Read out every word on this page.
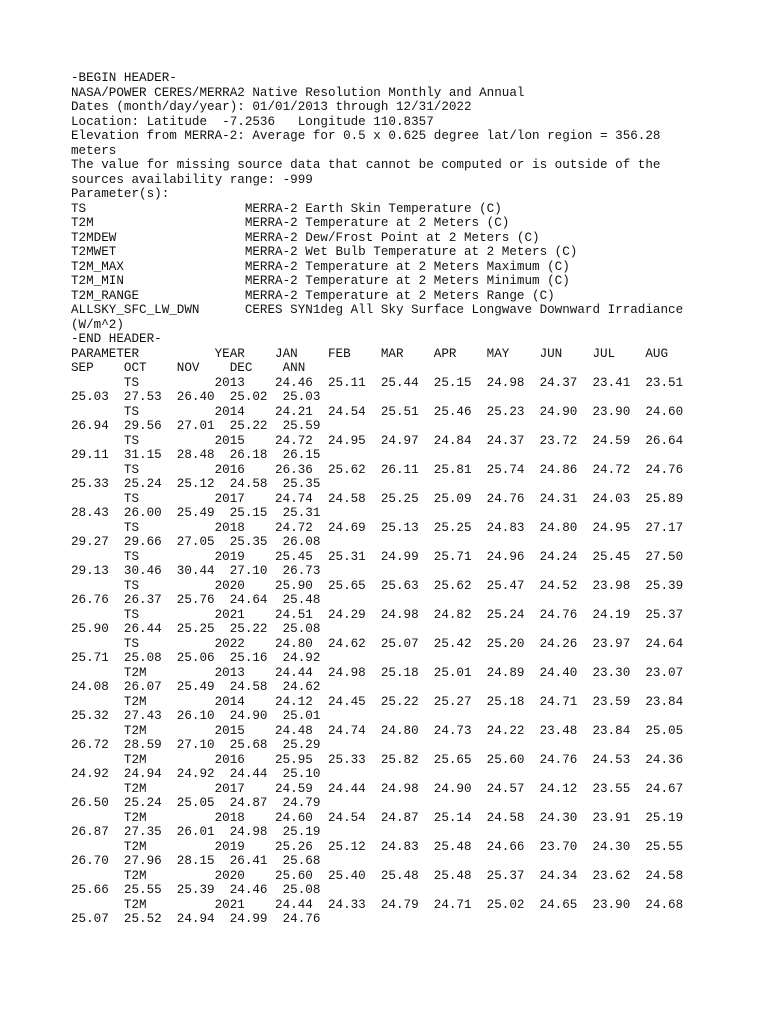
-BEGIN HEADER-
NASA/POWER CERES/MERRA2 Native Resolution Monthly and Annual
Dates (month/day/year): 01/01/2013 through 12/31/2022
Location: Latitude  -7.2536   Longitude 110.8357
Elevation from MERRA-2: Average for 0.5 x 0.625 degree lat/lon region = 356.28
meters
The value for missing source data that cannot be computed or is outside of the
sources availability range: -999
Parameter(s):
TS                     MERRA-2 Earth Skin Temperature (C)
T2M                    MERRA-2 Temperature at 2 Meters (C)
T2MDEW                 MERRA-2 Dew/Frost Point at 2 Meters (C)
T2MWET                 MERRA-2 Wet Bulb Temperature at 2 Meters (C)
T2M_MAX                MERRA-2 Temperature at 2 Meters Maximum (C)
T2M_MIN                MERRA-2 Temperature at 2 Meters Minimum (C)
T2M_RANGE              MERRA-2 Temperature at 2 Meters Range (C)
ALLSKY_SFC_LW_DWN      CERES SYN1deg All Sky Surface Longwave Downward Irradiance
(W/m^2)
-END HEADER-
PARAMETER          YEAR    JAN    FEB    MAR    APR    MAY    JUN    JUL    AUG
SEP    OCT    NOV    DEC    ANN
TS          2013    24.46  25.11  25.44  25.15  24.98  24.37  23.41  23.51
25.03  27.53  26.40  25.02  25.03
TS          2014    24.21  24.54  25.51  25.46  25.23  24.90  23.90  24.60
26.94  29.56  27.01  25.22  25.59
TS          2015    24.72  24.95  24.97  24.84  24.37  23.72  24.59  26.64
29.11  31.15  28.48  26.18  26.15
TS          2016    26.36  25.62  26.11  25.81  25.74  24.86  24.72  24.76
25.33  25.24  25.12  24.58  25.35
TS          2017    24.74  24.58  25.25  25.09  24.76  24.31  24.03  25.89
28.43  26.00  25.49  25.15  25.31
TS          2018    24.72  24.69  25.13  25.25  24.83  24.80  24.95  27.17
29.27  29.66  27.05  25.35  26.08
TS          2019    25.45  25.31  24.99  25.71  24.96  24.24  25.45  27.50
29.13  30.46  30.44  27.10  26.73
TS          2020    25.90  25.65  25.63  25.62  25.47  24.52  23.98  25.39
26.76  26.37  25.76  24.64  25.48
TS          2021    24.51  24.29  24.98  24.82  25.24  24.76  24.19  25.37
25.90  26.44  25.25  25.22  25.08
TS          2022    24.80  24.62  25.07  25.42  25.20  24.26  23.97  24.64
25.71  25.08  25.06  25.16  24.92
T2M         2013    24.44  24.98  25.18  25.01  24.89  24.40  23.30  23.07
24.08  26.07  25.49  24.58  24.62
T2M         2014    24.12  24.45  25.22  25.27  25.18  24.71  23.59  23.84
25.32  27.43  26.10  24.90  25.01
T2M         2015    24.48  24.74  24.80  24.73  24.22  23.48  23.84  25.05
26.72  28.59  27.10  25.68  25.29
T2M         2016    25.95  25.33  25.82  25.65  25.60  24.76  24.53  24.36
24.92  24.94  24.92  24.44  25.10
T2M         2017    24.59  24.44  24.98  24.90  24.57  24.12  23.55  24.67
26.50  25.24  25.05  24.87  24.79
T2M         2018    24.60  24.54  24.87  25.14  24.58  24.30  23.91  25.19
26.87  27.35  26.01  24.98  25.19
T2M         2019    25.26  25.12  24.83  25.48  24.66  23.70  24.30  25.55
26.70  27.96  28.15  26.41  25.68
T2M         2020    25.60  25.40  25.48  25.48  25.37  24.34  23.62  24.58
25.66  25.55  25.39  24.46  25.08
T2M         2021    24.44  24.33  24.79  24.71  25.02  24.65  23.90  24.68
25.07  25.52  24.94  24.99  24.76
